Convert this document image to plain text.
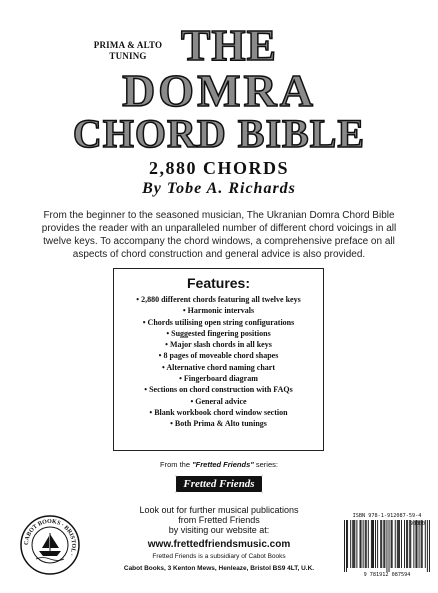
PRIMA & ALTO
TUNING THE
DOMRA
CHORD BIBLE
2,880 CHORDS
By Tobe A. Richards
From the beginner to the seasoned musician, The Ukranian Domra Chord Bible provides the reader with an unparalleled number of different chord voicings in all twelve keys. To accompany the chord windows, a comprehensive preface on all aspects of chord construction and general advice is also provided.
Features:
• 2,880 different chords featuring all twelve keys
• Harmonic intervals
• Chords utilising open string configurations
• Suggested fingering positions
• Major slash chords in all keys
• 8 pages of moveable chord shapes
• Alternative chord naming chart
• Fingerboard diagram
• Sections on chord construction with FAQs
• General advice
• Blank workbook chord window section
• Both Prima & Alto tunings
From the "Fretted Friends" series:
Fretted Friends
CABOT BOOKS · BRISTOL ·
Look out for further musical publications
from Fretted Friends
by visiting our website at:
www.frettedfriendsmusic.com
Fretted Friends is a subsidiary of Cabot Books
Cabot Books, 3 Kenton Mews, Henleaze, Bristol BS9 4LT, U.K.
ISBN 978-1-912087-59-4
90000
9 781912 087594
